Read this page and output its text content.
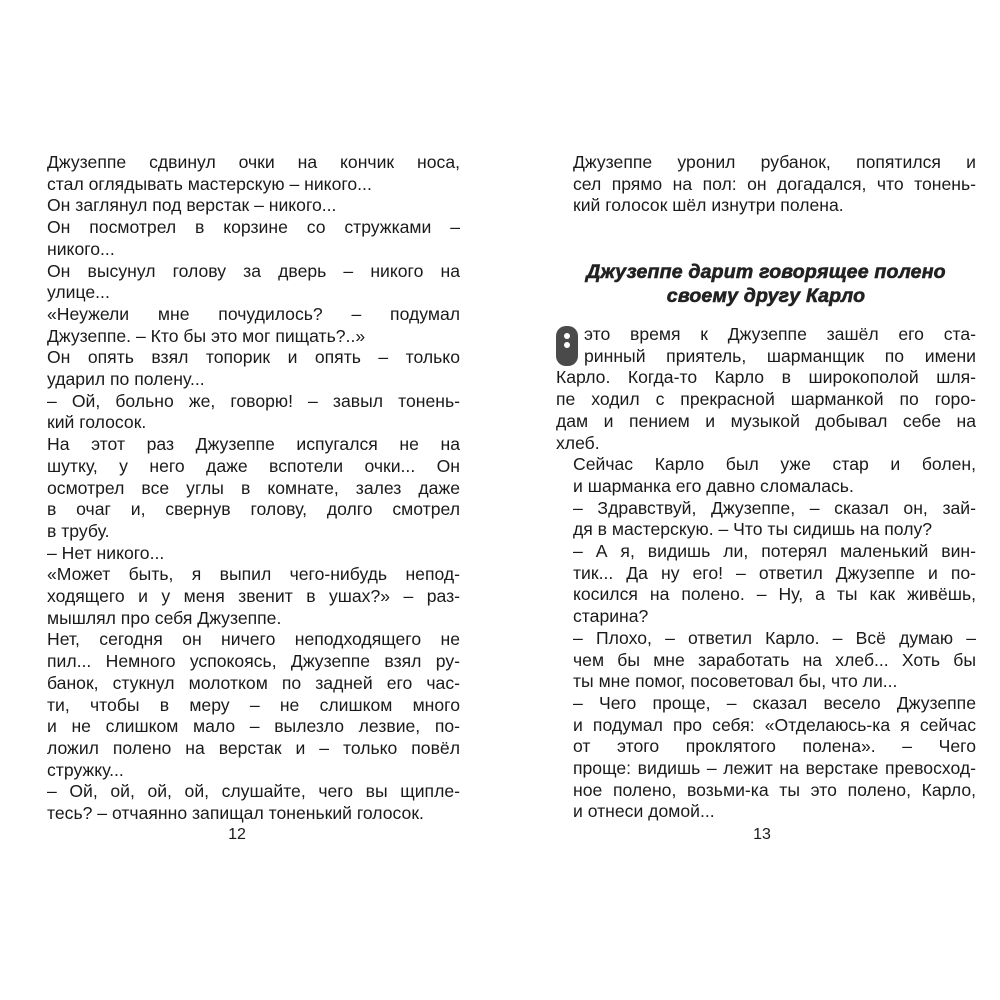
Джузеппе сдвинул очки на кончик носа,
стал оглядывать мастерскую – никого...

Он заглянул под верстак – никого...

Он посмотрел в корзине со стружками –
никого...

Он высунул голову за дверь – никого на
улице...

«Неужели мне почудилось? – подумал
Джузеппе. – Кто бы это мог пищать?..»

Он опять взял топорик и опять – только
ударил по полену...

– Ой, больно же, говорю! – завыл тонень-
кий голосок.

На этот раз Джузеппе испугался не на
шутку, у него даже вспотели очки... Он
осмотрел все углы в комнате, залез даже
в очаг и, свернув голову, долго смотрел
в трубу.

– Нет никого...

«Может быть, я выпил чего-нибудь непод-
ходящего и у меня звенит в ушах?» – раз-
мышлял про себя Джузеппе.

Нет, сегодня он ничего неподходящего не
пил... Немного успокоясь, Джузеппе взял ру-
банок, стукнул молотком по задней его час-
ти, чтобы в меру – не слишком много
и не слишком мало – вылезло лезвие, по-
ложил полено на верстак и – только повёл
стружку...

– Ой, ой, ой, ой, слушайте, чего вы щипле-
тесь? – отчаянно запищал тоненький голосок.

12

Джузеппе уронил рубанок, попятился и
сел прямо на пол: он догадался, что тонень-
кий голосок шёл изнутри полена.

Джузеппе дарит говорящее полено
своему другу Карло

это время к Джузеппе зашёл его ста-
ринный приятель, шарманщик по имени
Карло. Когда-то Карло в широкополой шля-
пе ходил с прекрасной шарманкой по горо-
дам и пением и музыкой добывал себе на
хлеб.

Сейчас Карло был уже стар и болен,
и шарманка его давно сломалась.

– Здравствуй, Джузеппе, – сказал он, зай-
дя в мастерскую. – Что ты сидишь на полу?

– А я, видишь ли, потерял маленький вин-
тик... Да ну его! – ответил Джузеппе и по-
косился на полено. – Ну, а ты как живёшь,
старина?

– Плохо, – ответил Карло. – Всё думаю –
чем бы мне заработать на хлеб... Хоть бы
ты мне помог, посоветовал бы, что ли...

– Чего проще, – сказал весело Джузеппе
и подумал про себя: «Отделаюсь-ка я сейчас
от этого проклятого полена». – Чего
проще: видишь – лежит на верстаке превосход-
ное полено, возьми-ка ты это полено, Карло,
и отнеси домой...

13
